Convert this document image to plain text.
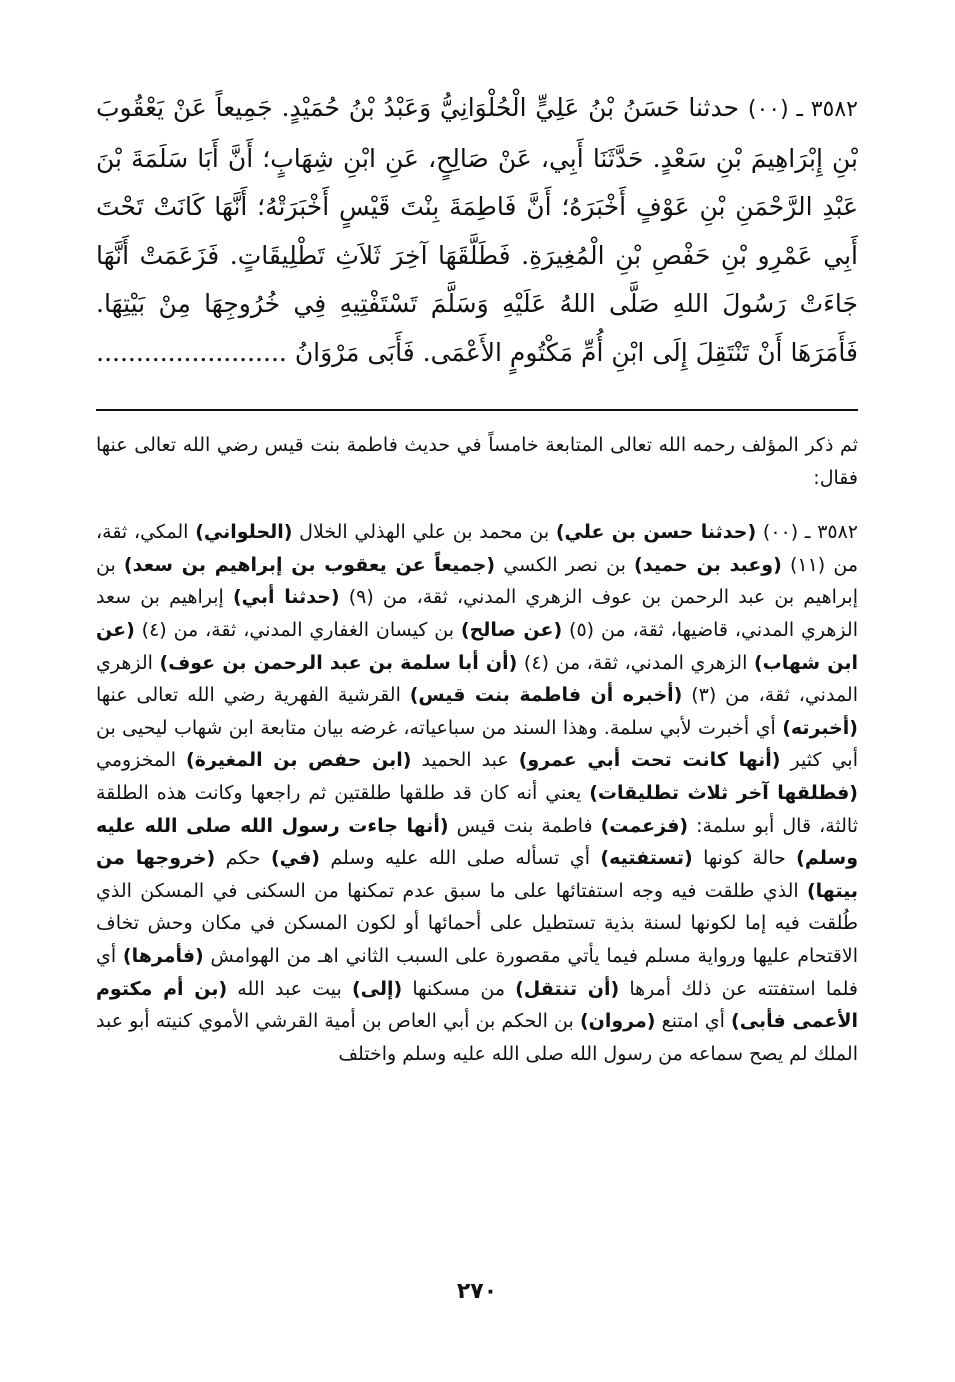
٣٥٨٢ ـ (٠٠) حدثنا حَسَنُ بْنُ عَلِيٍّ الْحُلْوَانِيُّ وَعَبْدُ بْنُ حُمَيْدٍ. جَمِيعاً عَنْ يَعْقُوبَ بْنِ إِبْرَاهِيمَ بْنِ سَعْدٍ. حَدَّثَنَا أَبِي، عَنْ صَالِحٍ، عَنِ ابْنِ شِهَابٍ؛ أَنَّ أَبَا سَلَمَةَ بْنَ عَبْدِ الرَّحْمَنِ بْنِ عَوْفٍ أَخْبَرَهُ؛ أَنَّ فَاطِمَةَ بِنْتَ قَيْسٍ أَخْبَرَتْهُ؛ أَنَّهَا كَانَتْ تَحْتَ أَبِي عَمْرِو بْنِ حَفْصِ بْنِ الْمُغِيرَةِ. فَطَلَّقَهَا آخِرَ ثَلاَثِ تَطْلِيقَاتٍ. فَزَعَمَتْ أَنَّهَا جَاءَتْ رَسُولَ اللهِ صَلَّى اللهُ عَلَيْهِ وَسَلَّمَ تَسْتَفْتِيهِ فِي خُرُوجِهَا مِنْ بَيْتِهَا. فَأَمَرَهَا أَنْ تَنْتَقِلَ إِلَى ابْنِ أُمِّ مَكْتُومٍ الأَعْمَى. فَأَبَى مَرْوَانُ ........................

ثم ذكر المؤلف رحمه الله تعالى المتابعة خامساً في حديث فاطمة بنت قيس رضي الله تعالى عنها فقال:

٣٥٨٢ ـ (٠٠) (حدثنا حسن بن علي) بن محمد بن علي الهذلي الخلال (الحلواني) المكي، ثقة، من (١١) (وعبد بن حميد) بن نصر الكسي (جميعاً عن يعقوب بن إبراهيم بن سعد) بن إبراهيم بن عبد الرحمن بن عوف الزهري المدني، ثقة، من (٩) (حدثنا أبي) إبراهيم بن سعد الزهري المدني، قاضيها، ثقة، من (٥) (عن صالح) بن كيسان الغفاري المدني، ثقة، من (٤) (عن ابن شهاب) الزهري المدني، ثقة، من (٤) (أن أبا سلمة بن عبد الرحمن بن عوف) الزهري المدني، ثقة، من (٣) (أخبره أن فاطمة بنت قيس) القرشية الفهرية رضي الله تعالى عنها (أخبرته) أي أخبرت لأبي سلمة. وهذا السند من سباعياته، غرضه بيان متابعة ابن شهاب ليحيى بن أبي كثير (أنها كانت تحت أبي عمرو) عبد الحميد (ابن حفص بن المغيرة) المخزومي (فطلقها آخر ثلاث تطليقات) يعني أنه كان قد طلقها طلقتين ثم راجعها وكانت هذه الطلقة ثالثة، قال أبو سلمة: (فزعمت) فاطمة بنت قيس (أنها جاءت رسول الله صلى الله عليه وسلم) حالة كونها (تستفتيه) أي تسأله صلى الله عليه وسلم (في) حكم (خروجها من بيتها) الذي طلقت فيه وجه استفتائها على ما سبق عدم تمكنها من السكنى في المسكن الذي طُلقت فيه إما لكونها لسنة بذية تستطيل على أحمائها أو لكون المسكن في مكان وحش تخاف الاقتحام عليها ورواية مسلم فيما يأتي مقصورة على السبب الثاني اهـ من الهوامش (فأمرها) أي فلما استفتته عن ذلك أمرها (أن تنتقل) من مسكنها (إلى) بيت عبد الله (بن أم مكتوم الأعمى فأبى) أي امتنع (مروان) بن الحكم بن أبي العاص بن أمية القرشي الأموي كنيته أبو عبد الملك لم يصح سماعه من رسول الله صلى الله عليه وسلم واختلف

٢٧٠
